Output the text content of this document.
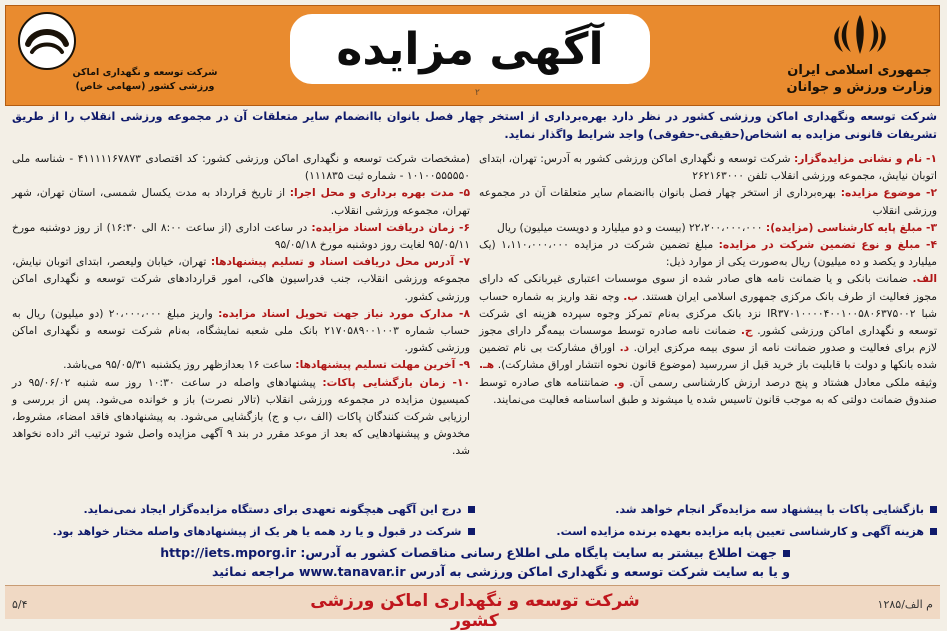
جمهوری اسلامی ایران
وزارت ورزش و جوانان
آگهی مزایده
۲
شرکت توسعه و نگهداری اماکن
ورزشی کشور (سهامی خاص)
شرکت توسعه ونگهداری اماکن ورزشی کشور در نظر دارد بهره‌برداری از استخر چهار فصل بانوان باانضمام سایر متعلقات آن در مجموعه ورزشی انقلاب را از طریق تشریفات قانونی مزایده به اشخاص(حقیقی-حقوقی) واجد شرایط واگذار نماید.

۱- نام و نشانی مزایده‌گزار: شرکت توسعه و نگهداری اماکن ورزشی کشور به آدرس: تهران، ابتدای اتوبان نیایش، مجموعه ورزشی انقلاب تلفن ۲۶۲۱۶۳۰۰۰

۲- موضوع مزایده: بهره‌برداری از استخر چهار فصل بانوان باانضمام سایر متعلقات آن در مجموعه ورزشی انقلاب

۳- مبلغ پایه کارشناسی (مزایده): ۲۲،۲۰۰،۰۰۰،۰۰۰ (بیست و دو میلیارد و دویست میلیون) ریال

۴- مبلغ و نوع تضمین شرکت در مزایده: مبلغ تضمین شرکت در مزایده ۱،۱۱۰،۰۰۰،۰۰۰ (یک میلیارد و یکصد و ده میلیون) ریال به‌صورت یکی از موارد ذیل:

الف. ضمانت بانکی و یا ضمانت نامه های صادر شده از سوی موسسات اعتباری غیربانکی که دارای مجوز فعالیت از طرف بانک مرکزی جمهوری اسلامی ایران هستند. ب. وجه نقد واریز به شماره حساب شبا IR۳۷۰۱۰۰۰۰۴۰۰۱۰۰۵۸۰۶۳۷۵۰۰۲ نزد بانک مرکزی به‌نام تمرکز وجوه سپرده هزینه ای شرکت توسعه و نگهداری اماکن ورزشی کشور. ج. ضمانت نامه صادره توسط موسسات بیمه‌گر دارای مجوز لازم برای فعالیت و صدور ضمانت نامه از سوی بیمه مرکزی ایران. د. اوراق مشارکت بی نام تضمین شده بانکها و دولت با قابلیت باز خرید قبل از سررسید (موضوع قانون نحوه انتشار اوراق مشارکت). هـ. وثیقه ملکی معادل هشتاد و پنج درصد ارزش کارشناسی رسمی آن. و. ضمانتنامه های صادره توسط صندوق ضمانت دولتی که به موجب قانون تاسیس شده یا میشوند و طبق اساسنامه فعالیت می‌نمایند.

(مشخصات شرکت توسعه و نگهداری اماکن ورزشی کشور: کد اقتصادی ۴۱۱۱۱۱۶۷۸۷۳ - شناسه ملی ۱۰۱۰۰۵۵۵۵۵۰ - شماره ثبت ۱۱۱۸۳۵)

۵- مدت بهره برداری و محل اجرا: از تاریخ قرارداد به مدت یکسال شمسی، استان تهران، شهر تهران، مجموعه ورزشی انقلاب.

۶- زمان دریافت اسناد مزایده: در ساعت اداری (از ساعت ۸:۰۰ الی ۱۶:۳۰) از روز دوشنبه مورخ ۹۵/۰۵/۱۱ لغایت روز دوشنبه مورخ ۹۵/۰۵/۱۸

۷- آدرس محل دریافت اسناد و تسلیم پیشنهادها: تهران، خیابان ولیعصر، ابتدای اتوبان نیایش، مجموعه ورزشی انقلاب، جنب فدراسیون هاکی، امور قراردادهای شرکت توسعه و نگهداری اماکن ورزشی کشور.

۸- مدارک مورد نیاز جهت تحویل اسناد مزایده: واریز مبلغ ۲۰،۰۰۰،۰۰۰ (دو میلیون) ریال به حساب شماره ۲۱۷۰۵۸۹۰۰۱۰۰۳ بانک ملی شعبه نمایشگاه، به‌نام شرکت توسعه و نگهداری اماکن ورزشی کشور.

۹- آخرین مهلت تسلیم پیشنهادها: ساعت ۱۶ بعدازظهر روز یکشنبه ۹۵/۰۵/۳۱ می‌باشد.

۱۰- زمان بازگشایی پاکات: پیشنهادهای واصله در ساعت ۱۰:۳۰ روز سه شنبه ۹۵/۰۶/۰۲ در کمیسیون مزایده در مجموعه ورزشی انقلاب (تالار نصرت) باز و خوانده می‌شود. پس از بررسی و ارزیابی شرکت کنندگان پاکات (الف ،ب و ج) بازگشایی می‌شود. به پیشنهادهای فاقد امضاء، مشروط، مخدوش و پیشنهادهایی که بعد از موعد مقرر در بند ۹ آگهی مزایده واصل شود ترتیب اثر داده نخواهد شد.

بازگشایی پاکات با پیشنهاد سه مزایده‌گر انجام خواهد شد.
درج این آگهی هیچگونه تعهدی برای دستگاه مزایده‌گزار ایجاد نمی‌نماید.
هزینه آگهی و کارشناسی تعیین پایه مزایده بعهده برنده مزایده است.
شرکت در قبول و یا رد همه یا هر یک از پیشنهادهای واصله مختار خواهد بود.
جهت اطلاع بیشتر به سایت پایگاه ملی اطلاع رسانی مناقصات کشور به آدرس: http://iets.mporg.ir
و یا به سایت شرکت توسعه و نگهداری اماکن ورزشی به آدرس www.tanavar.ir مراجعه نمائید
شرکت توسعه و نگهداری اماکن ورزشی کشور
م الف/۱۲۸۵
۵/۴
